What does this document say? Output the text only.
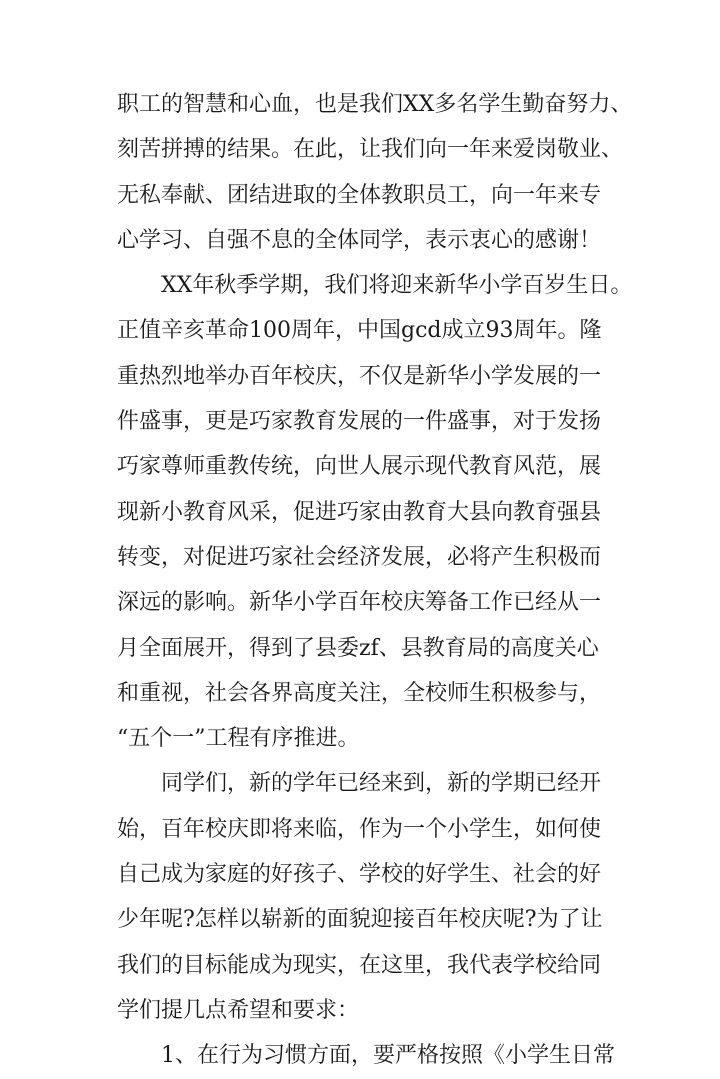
职工的智慧和心血，也是我们XX多名学生勤奋努力、
刻苦拼搏的结果。在此，让我们向一年来爱岗敬业、
无私奉献、团结进取的全体教职员工，向一年来专
心学习、自强不息的全体同学，表示衷心的感谢！

XX年秋季学期，我们将迎来新华小学百岁生日。
正值辛亥革命100周年，中国gcd成立93周年。隆
重热烈地举办百年校庆，不仅是新华小学发展的一
件盛事，更是巧家教育发展的一件盛事，对于发扬
巧家尊师重教传统，向世人展示现代教育风范，展
现新小教育风采，促进巧家由教育大县向教育强县
转变，对促进巧家社会经济发展，必将产生积极而
深远的影响。新华小学百年校庆筹备工作已经从一
月全面展开，得到了县委zf、县教育局的高度关心
和重视，社会各界高度关注，全校师生积极参与，
“五个一”工程有序推进。

同学们，新的学年已经来到，新的学期已经开
始，百年校庆即将来临，作为一个小学生，如何使
自己成为家庭的好孩子、学校的好学生、社会的好
少年呢?怎样以崭新的面貌迎接百年校庆呢?为了让
我们的目标能成为现实，在这里，我代表学校给同
学们提几点希望和要求：

1、在行为习惯方面，要严格按照《小学生日常
